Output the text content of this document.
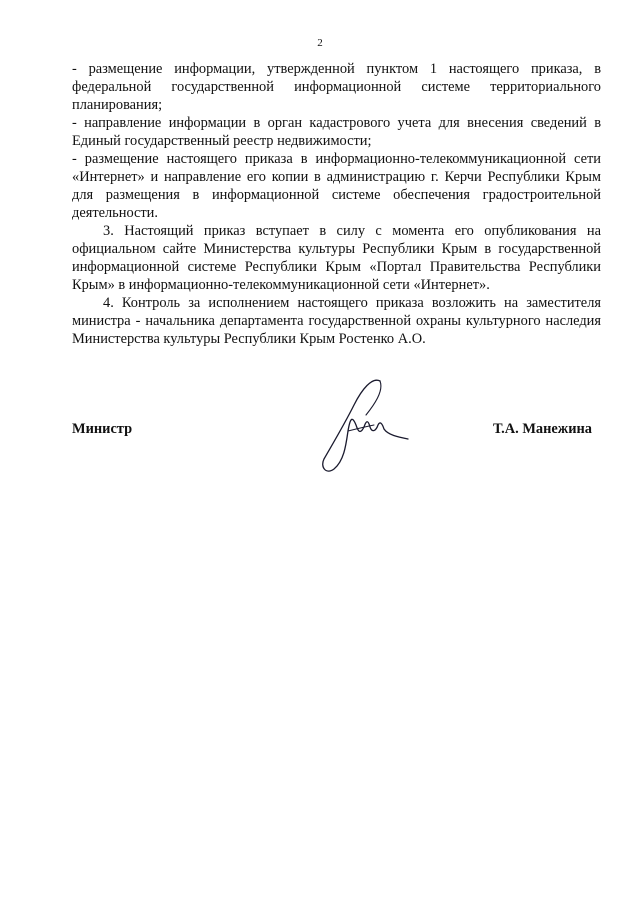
2

- размещение информации, утвержденной пунктом 1 настоящего приказа, в федеральной государственной информационной системе территориального планирования;

- направление информации в орган кадастрового учета для внесения сведений в Единый государственный реестр недвижимости;

- размещение настоящего приказа в информационно-телекоммуникационной сети «Интернет» и направление его копии в администрацию г. Керчи Республики Крым для размещения в информационной системе обеспечения градостроительной деятельности.

3. Настоящий приказ вступает в силу с момента его опубликования на официальном сайте Министерства культуры Республики Крым в государственной информационной системе Республики Крым «Портал Правительства Республики Крым» в информационно-телекоммуникационной сети «Интернет».

4. Контроль за исполнением настоящего приказа возложить на заместителя министра - начальника департамента государственной охраны культурного наследия Министерства культуры Республики Крым Ростенко А.О.

Министр	Т.А. Манежина
